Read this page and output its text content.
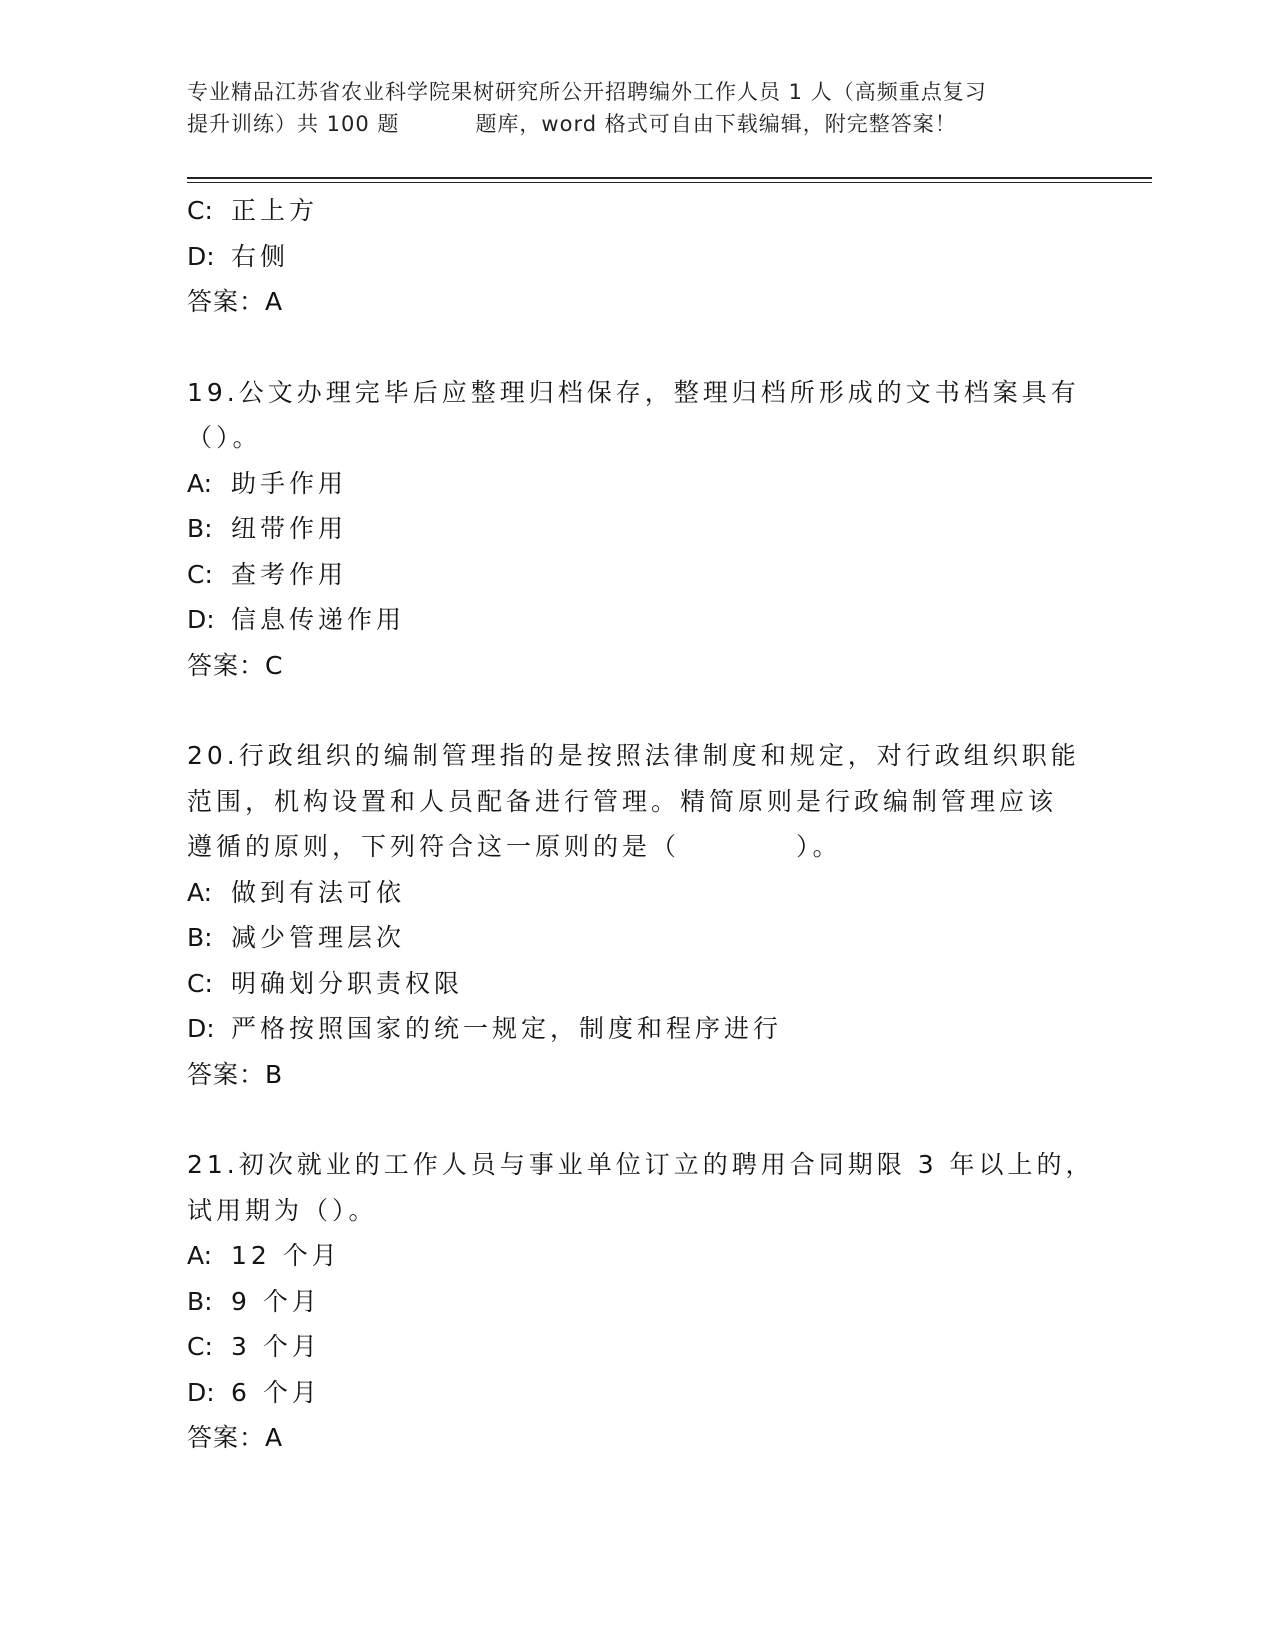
专业精品江苏省农业科学院果树研究所公开招聘编外工作人员 1 人（高频重点复习
提升训练）共 100 题	题库，word 格式可自由下载编辑，附完整答案！
C: 正上方
D: 右侧
答案：A
19.公文办理完毕后应整理归档保存，整理归档所形成的文书档案具有
（）。
A: 助手作用
B: 纽带作用
C: 查考作用
D: 信息传递作用
答案：C
20.行政组织的编制管理指的是按照法律制度和规定，对行政组织职能
范围，机构设置和人员配备进行管理。精简原则是行政编制管理应该
遵循的原则，下列符合这一原则的是（　　　　）。
A: 做到有法可依
B: 减少管理层次
C: 明确划分职责权限
D: 严格按照国家的统一规定，制度和程序进行
答案：B
21.初次就业的工作人员与事业单位订立的聘用合同期限 3 年以上的，
试用期为（）。
A: 12 个月
B: 9 个月
C: 3 个月
D: 6 个月
答案：A
